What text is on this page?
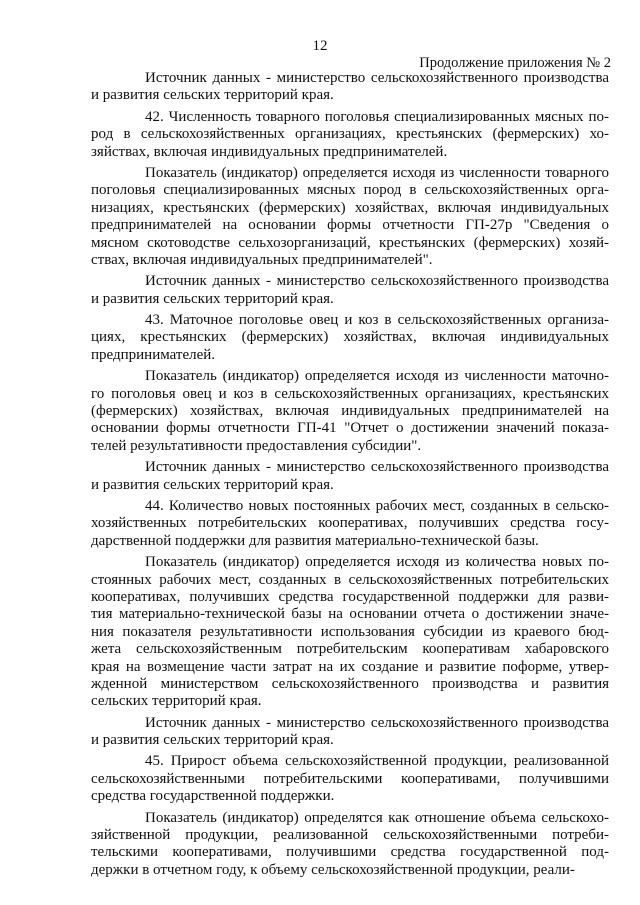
12
Продолжение приложения № 2
Источник данных - министерство сельскохозяйственного производства
и развития сельских территорий края.
42. Численность товарного поголовья специализированных мясных по-
род в сельскохозяйственных организациях, крестьянских (фермерских) хо-
зяйствах, включая индивидуальных предпринимателей.
Показатель (индикатор) определяется исходя из численности товарного
поголовья специализированных мясных пород в сельскохозяйственных орга-
низациях, крестьянских (фермерских) хозяйствах, включая индивидуальных
предпринимателей на основании формы отчетности ГП-27р "Сведения о
мясном скотоводстве сельхозорганизаций, крестьянских (фермерских) хозяй-
ствах, включая индивидуальных предпринимателей".
Источник данных - министерство сельскохозяйственного производства
и развития сельских территорий края.
43. Маточное поголовье овец и коз в сельскохозяйственных организа-
циях, крестьянских (фермерских) хозяйствах, включая индивидуальных
предпринимателей.
Показатель (индикатор) определяется исходя из численности маточно-
го поголовья овец и коз в сельскохозяйственных организациях, крестьянских
(фермерских) хозяйствах, включая индивидуальных предпринимателей на
основании формы отчетности ГП-41 "Отчет о достижении значений показа-
телей результативности предоставления субсидии".
Источник данных - министерство сельскохозяйственного производства
и развития сельских территорий края.
44. Количество новых постоянных рабочих мест, созданных в сельско-
хозяйственных потребительских кооперативах, получивших средства госу-
дарственной поддержки для развития материально-технической базы.
Показатель (индикатор) определяется исходя из количества новых по-
стоянных рабочих мест, созданных в сельскохозяйственных потребительских
кооперативах, получивших средства государственной поддержки для разви-
тия материально-технической базы на основании отчета о достижении значе-
ния показателя результативности использования субсидии из краевого бюд-
жета сельскохозяйственным потребительским кооперативам хабаровского
края на возмещение части затрат на их создание и развитие поформе, утвер-
жденной министерством сельскохозяйственного производства и развития
сельских территорий края.
Источник данных - министерство сельскохозяйственного производства
и развития сельских территорий края.
45. Прирост объема сельскохозяйственной продукции, реализованной
сельскохозяйственными потребительскими кооперативами, получившими
средства государственной поддержки.
Показатель (индикатор) определятся как отношение объема сельскохо-
зяйственной продукции, реализованной сельскохозяйственными потреби-
тельскими кооперативами, получившими средства государственной под-
держки в отчетном году, к объему сельскохозяйственной продукции, реали-
